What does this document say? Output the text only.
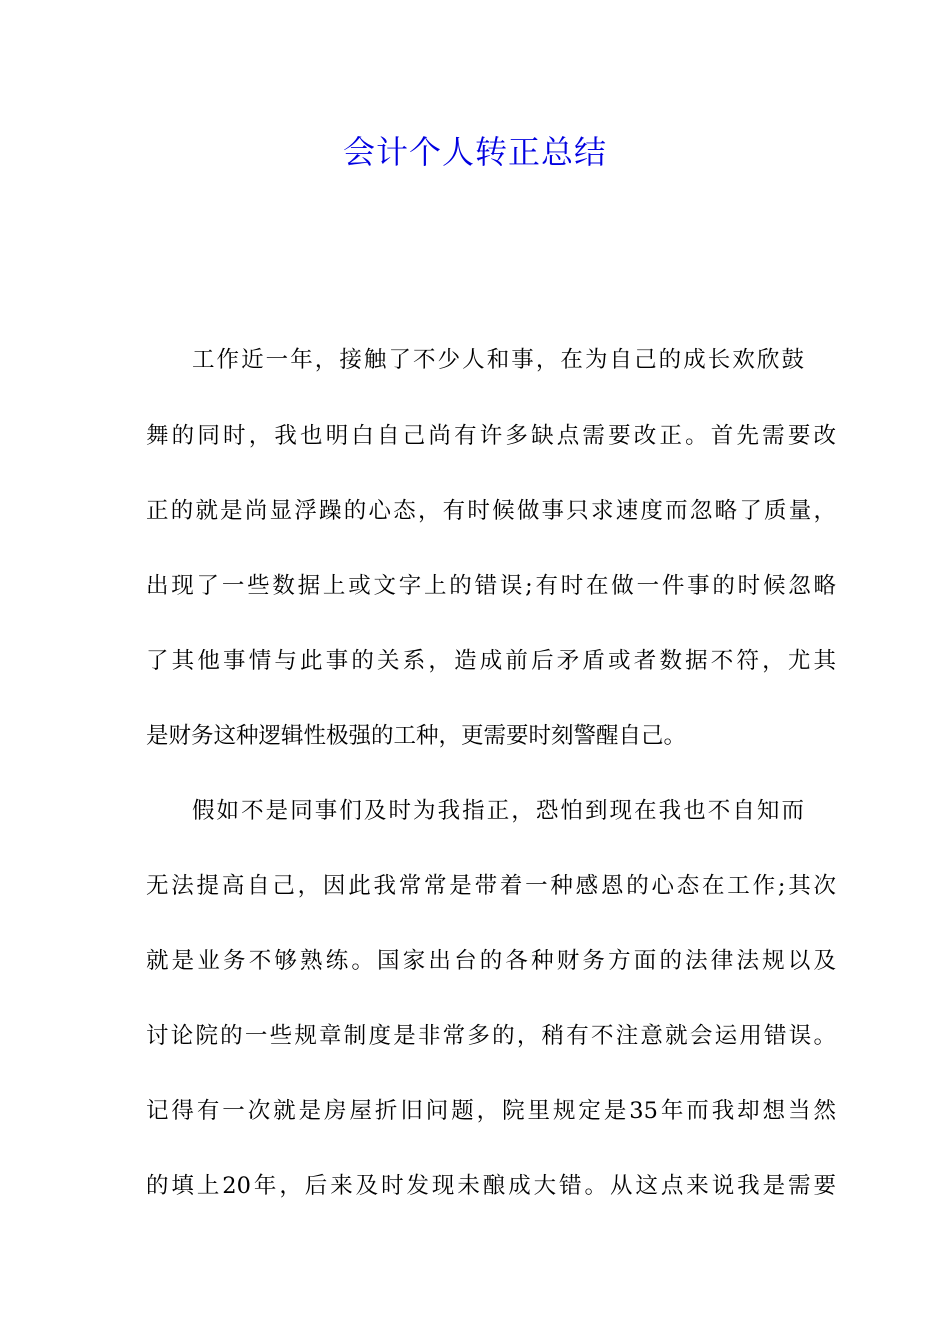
会计个人转正总结
工作近一年，接触了不少人和事，在为自己的成长欢欣鼓
舞的同时，我也明白自己尚有许多缺点需要改正。首先需要改
正的就是尚显浮躁的心态，有时候做事只求速度而忽略了质量，
出现了一些数据上或文字上的错误;有时在做一件事的时候忽略
了其他事情与此事的关系，造成前后矛盾或者数据不符，尤其
是财务这种逻辑性极强的工种，更需要时刻警醒自己。
假如不是同事们及时为我指正，恐怕到现在我也不自知而
无法提高自己，因此我常常是带着一种感恩的心态在工作;其次
就是业务不够熟练。国家出台的各种财务方面的法律法规以及
讨论院的一些规章制度是非常多的，稍有不注意就会运用错误。
记得有一次就是房屋折旧问题，院里规定是35年而我却想当然
的填上20年，后来及时发现未酿成大错。从这点来说我是需要
